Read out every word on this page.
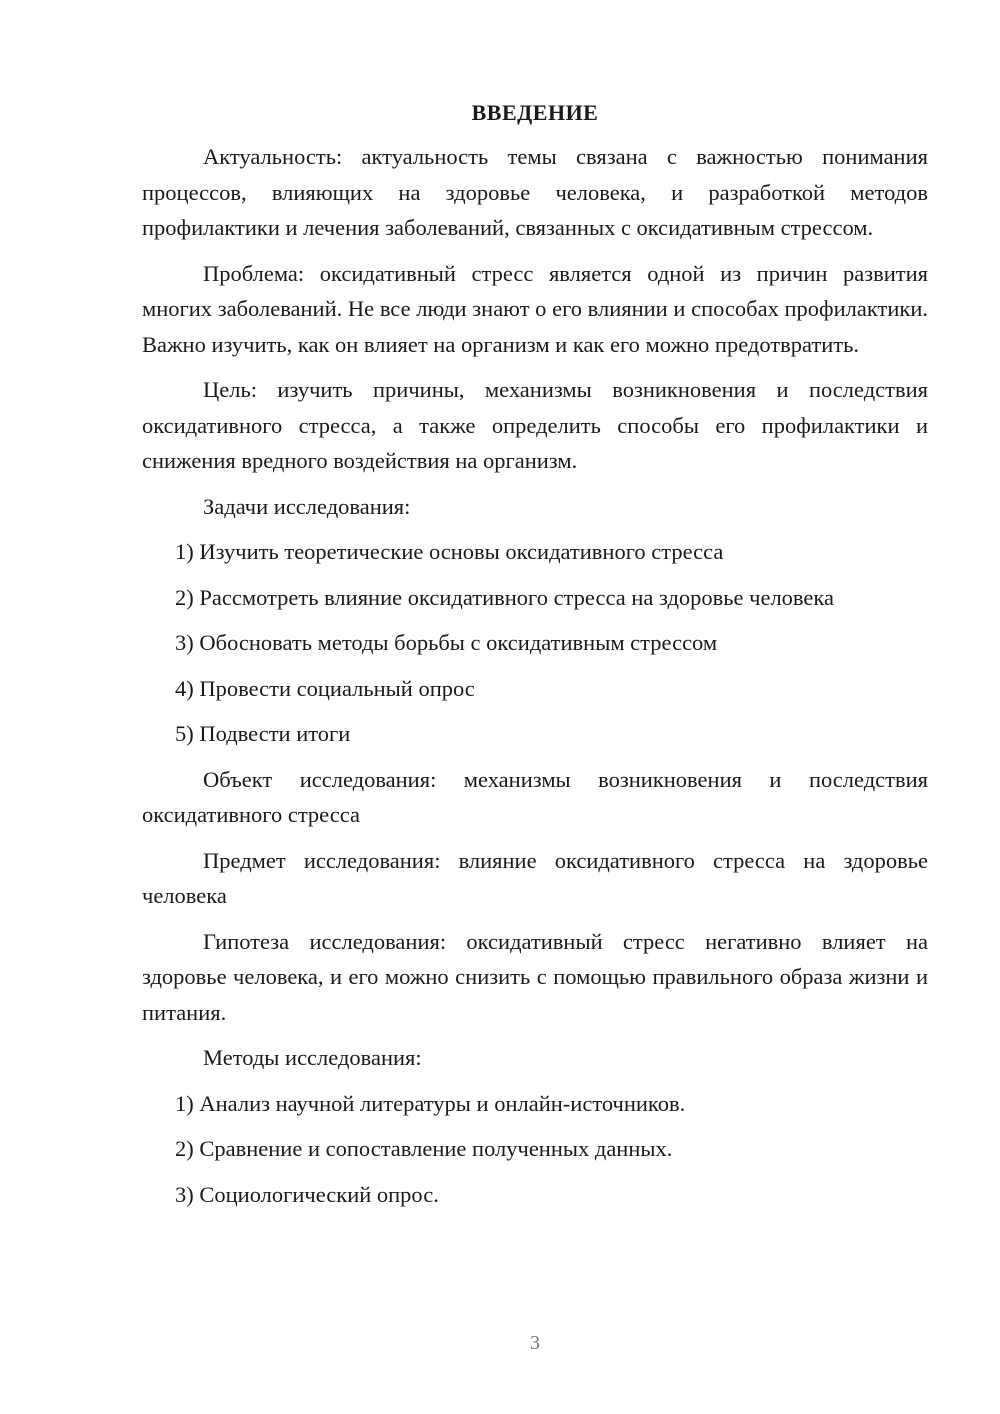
ВВЕДЕНИЕ

Актуальность: актуальность темы связана с важностью понимания процессов, влияющих на здоровье человека, и разработкой методов профилактики и лечения заболеваний, связанных с оксидативным стрессом.

Проблема: оксидативный стресс является одной из причин развития многих заболеваний. Не все люди знают о его влиянии и способах профилактики. Важно изучить, как он влияет на организм и как его можно предотвратить.

Цель: изучить причины, механизмы возникновения и последствия оксидативного стресса, а также определить способы его профилактики и снижения вредного воздействия на организм.

Задачи исследования:

1) Изучить теоретические основы оксидативного стресса
2) Рассмотреть влияние оксидативного стресса на здоровье человека
3) Обосновать методы борьбы с оксидативным стрессом
4) Провести социальный опрос
5) Подвести итоги

Объект исследования: механизмы возникновения и последствия оксидативного стресса

Предмет исследования: влияние оксидативного стресса на здоровье человека

Гипотеза исследования: оксидативный стресс негативно влияет на здоровье человека, и его можно снизить с помощью правильного образа жизни и питания.

Методы исследования:

1) Анализ научной литературы и онлайн-источников.
2) Сравнение и сопоставление полученных данных.
3) Социологический опрос.
3
